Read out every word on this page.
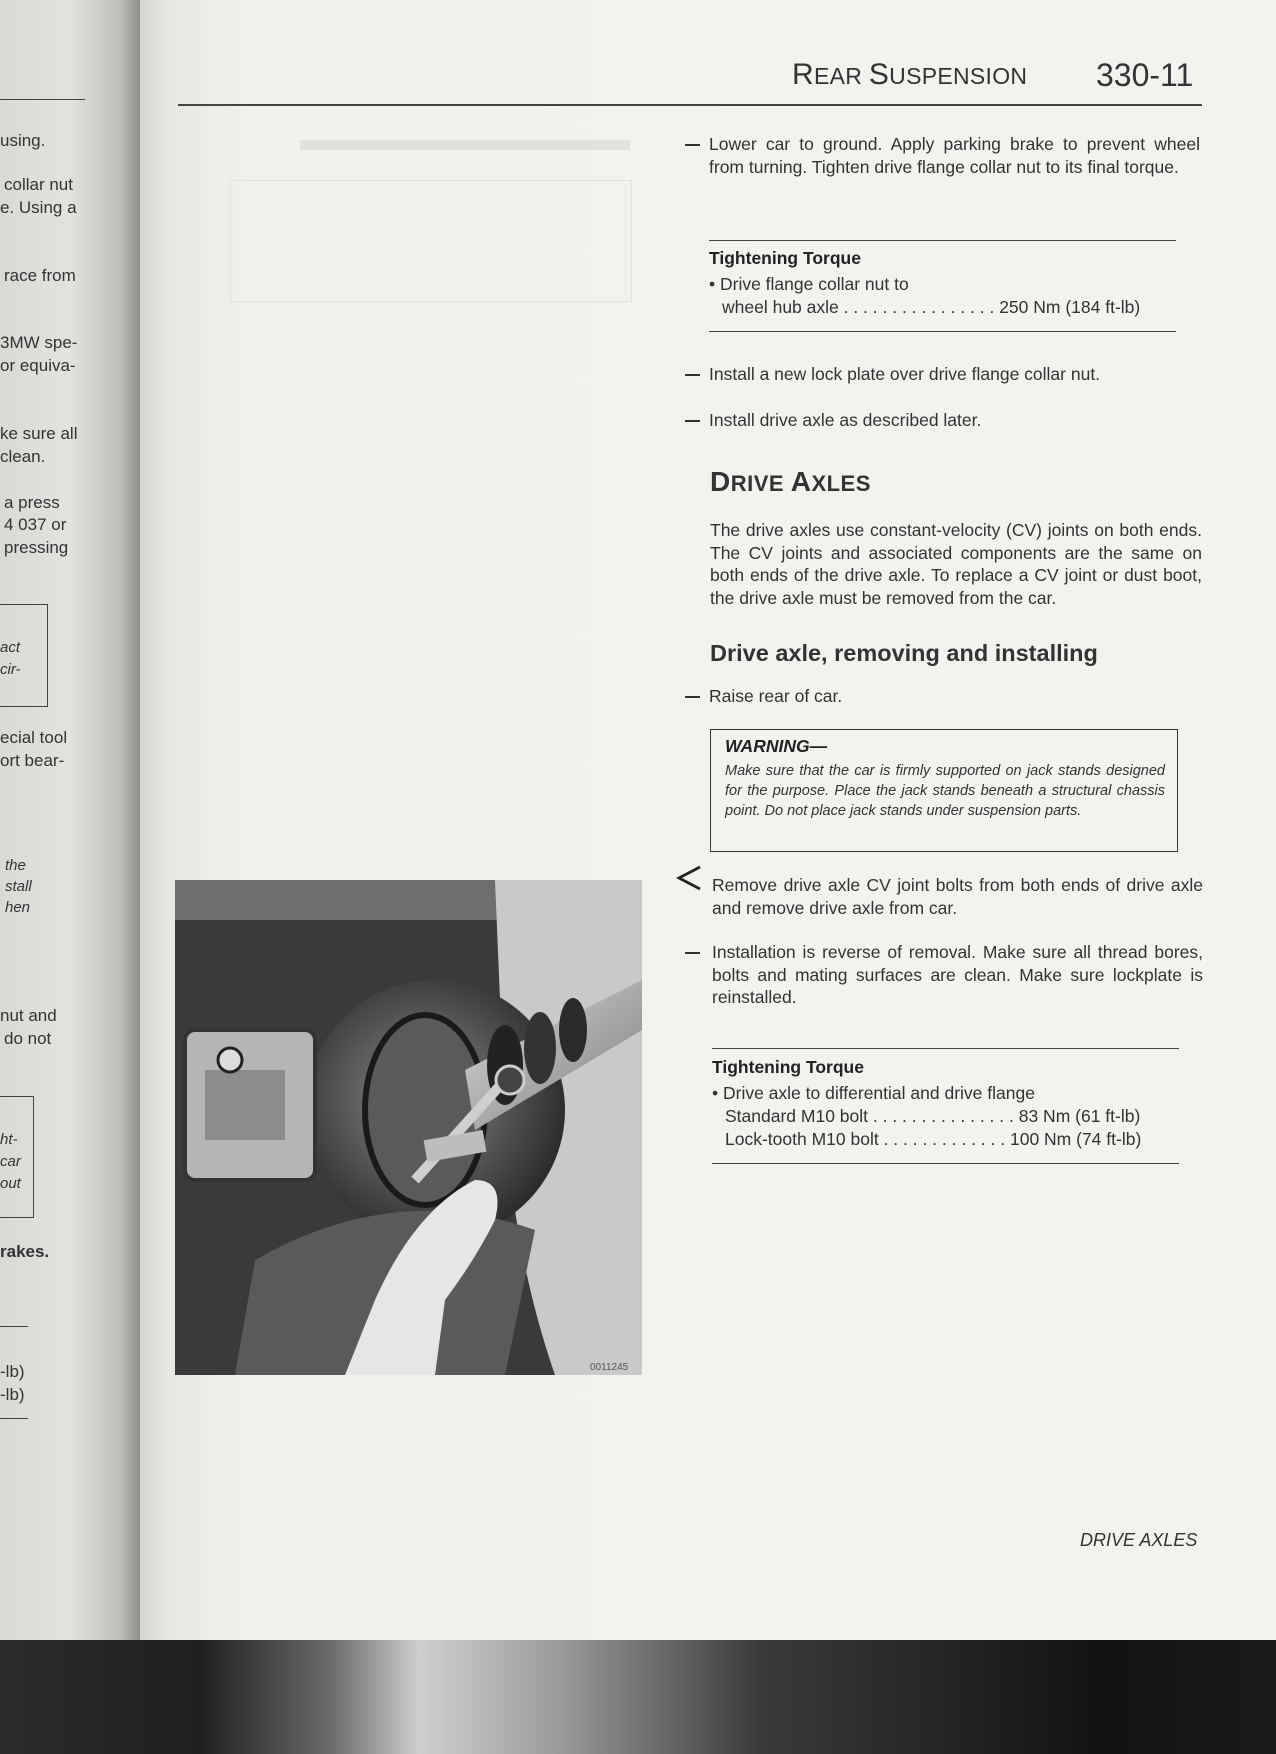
using.
collar nut
e. Using a
race from
3MW spe-
or equiva-
ke sure all
clean.
a press
4 037 or
pressing
act
cir-
ecial tool
ort bear-
the
stall
hen
nut and
do not
ht-
car
out
rakes.
-lb)
-lb)
REAR SUSPENSION 330-11
Lower car to ground. Apply parking brake to prevent wheel from turning. Tighten drive flange collar nut to its final torque.
Tightening Torque
• Drive flange collar nut to
wheel hub axle . . . . . . . . . . . . . . . . 250 Nm (184 ft-lb)
Install a new lock plate over drive flange collar nut.
Install drive axle as described later.
DRIVE AXLES
The drive axles use constant-velocity (CV) joints on both ends. The CV joints and associated components are the same on both ends of the drive axle. To replace a CV joint or dust boot, the drive axle must be removed from the car.
Drive axle, removing and installing
Raise rear of car.
WARNING—
Make sure that the car is firmly supported on jack stands designed for the purpose. Place the jack stands beneath a structural chassis point. Do not place jack stands under suspension parts.
Remove drive axle CV joint bolts from both ends of drive axle and remove drive axle from car.
Installation is reverse of removal. Make sure all thread bores, bolts and mating surfaces are clean. Make sure lockplate is reinstalled.
Tightening Torque
• Drive axle to differential and drive flange
Standard M10 bolt . . . . . . . . . . . . . . . 83 Nm (61 ft-lb)
Lock-tooth M10 bolt . . . . . . . . . . . . . 100 Nm (74 ft-lb)
0011245
DRIVE AXLES
